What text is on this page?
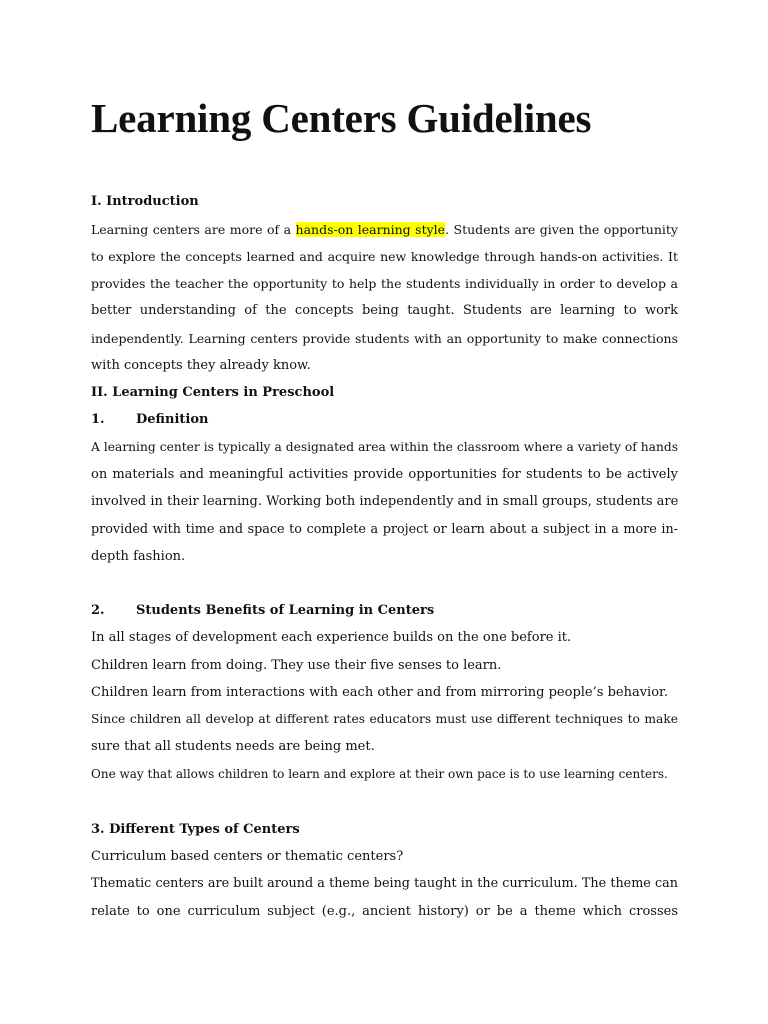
Learning Centers Guidelines
I. Introduction
Learning centers are more of a hands-on learning style. Students are given the opportunity
to explore the concepts learned and acquire new knowledge through hands-on activities. It
provides the teacher the opportunity to help the students individually in order to develop a
better understanding of the concepts being taught. Students are learning to work
independently. Learning centers provide students with an opportunity to make connections
with concepts they already know.
II. Learning Centers in Preschool
1. Definition
A learning center is typically a designated area within the classroom where a variety of hands
on materials and meaningful activities provide opportunities for students to be actively
involved in their learning. Working both independently and in small groups, students are
provided with time and space to complete a project or learn about a subject in a more in-
depth fashion.
2. Students Benefits of Learning in Centers
In all stages of development each experience builds on the one before it.
Children learn from doing. They use their five senses to learn.
Children learn from interactions with each other and from mirroring people’s behavior.
Since children all develop at different rates educators must use different techniques to make
sure that all students needs are being met.
One way that allows children to learn and explore at their own pace is to use learning centers.
3. Different Types of Centers
Curriculum based centers or thematic centers?
Thematic centers are built around a theme being taught in the curriculum. The theme can
relate to one curriculum subject (e.g., ancient history) or be a theme which crosses
